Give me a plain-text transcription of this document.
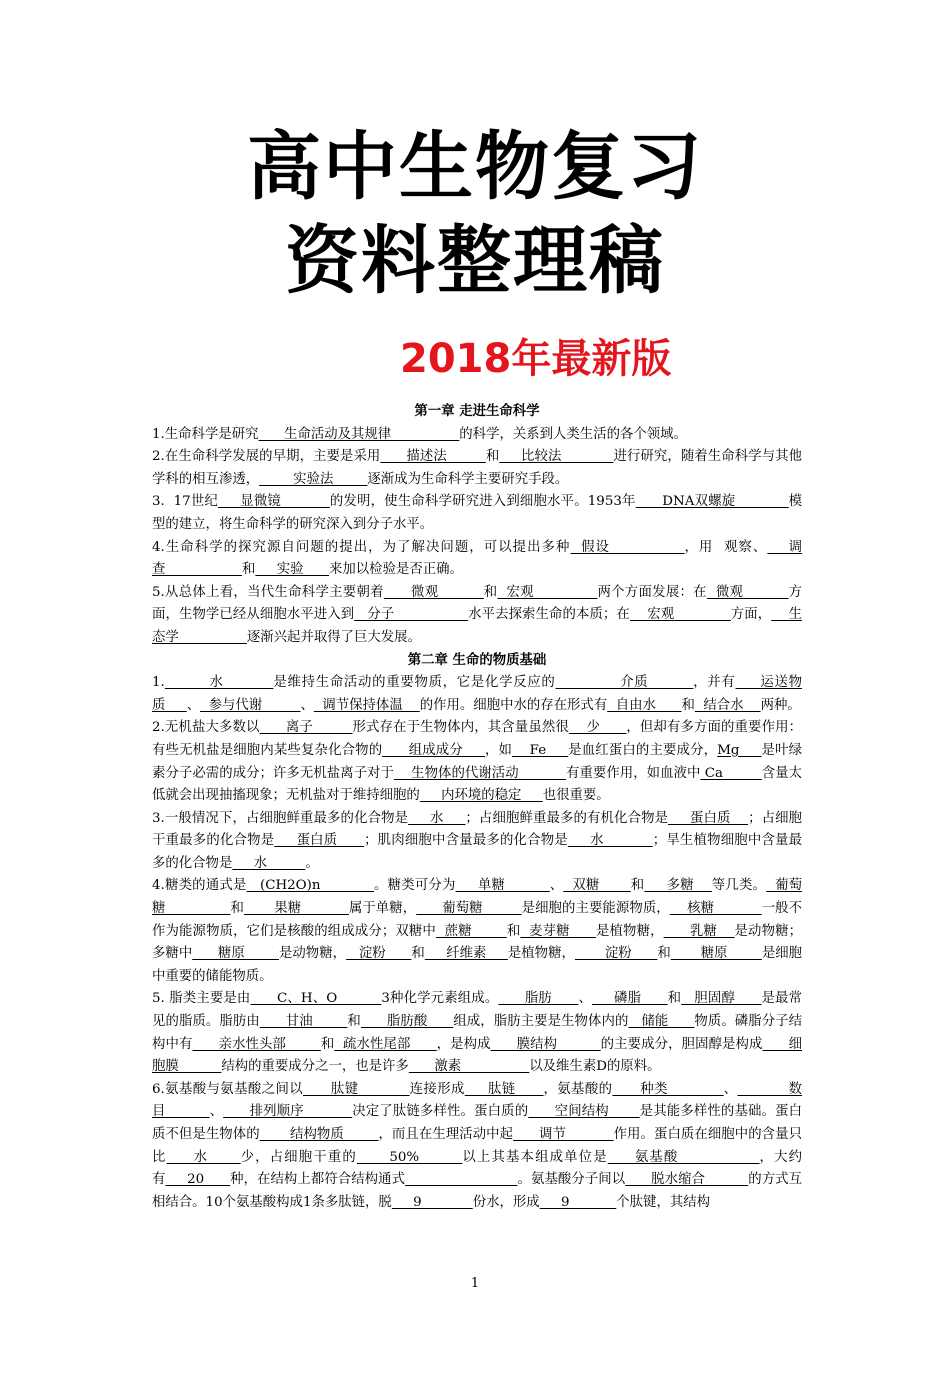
高中生物复习
资料整理稿
2018年最新版
第一章 走进生命科学

1.生命科学是研究      生命活动及其规律                的科学，关系到人类生活的各个领域。

2.在生命科学发展的早期，主要是采用      描述法         和     比较法            进行研究，随着生命科学与其他学科的相互渗透，        实验法        逐渐成为生命科学主要研究手段。

3.  17世纪     显微镜           的发明，使生命科学研究进入到细胞水平。1953年      DNA双螺旋            模型的建立，将生命科学的研究深入到分子水平。

4.生命科学的探究源自问题的提出，为了解决问题，可以提出多种  假设              ，用  观察、    调查                  和     实验      来加以检验是否正确。

5.从总体上看，当代生命科学主要朝着      微观          和  宏观              两个方面发展：在  微观          方面，生物学已经从细胞水平进入到   分子                 水平去探索生命的本质；在    宏观             方面，    生态学                逐渐兴起并取得了巨大发展。

第二章 生命的物质基础

1.         水          是维持生命活动的重要物质，它是化学反应的             介质         ，并有     运送物质     、  参与代谢         、  调节保持体温    的作用。细胞中水的存在形式有  自由水      和  结合水    两种。

2.无机盐大多数以      离子         形式存在于生物体内，其含量虽然很    少      ，但却有多方面的重要作用：有些无机盐是细胞内某些复杂化合物的      组成成分     ，如    Fe     是血红蛋白的主要成分，Mg     是叶绿素分子必需的成分；许多无机盐离子对于    生物体的代谢活动           有重要作用，如血液中 Ca         含量太低就会出现抽搐现象；无机盐对于维持细胞的     内环境的稳定     也很重要。

3.一般情况下，占细胞鲜重最多的化合物是     水     ；占细胞鲜重最多的有机化合物是     蛋白质    ；占细胞干重最多的化合物是     蛋白质      ；肌肉细胞中含量最多的化合物是     水           ；旱生植物细胞中含量最多的化合物是     水         。

4.糖类的通式是   (CH2O)n            。糖类可分为     单糖          、  双糖       和     多糖    等几类。  葡萄糖               和       果糖           属于单糖，      葡萄糖         是细胞的主要能源物质，    核糖           一般不作为能源物质，它们是核酸的组成成分；双糖中  蔗糖        和  麦芽糖      是植物糖，      乳糖    是动物糖；多糖中      糖原        是动物糖，   淀粉      和     纤维素     是植物糖，       淀粉      和       糖原        是细胞中重要的储能物质。

5. 脂类主要是由      C、H、O          3种化学元素组成。      脂肪      、     磷脂      和   胆固醇      是最常见的脂质。脂肪由      甘油        和      脂肪酸      组成，脂肪主要是生物体内的   储能      物质。磷脂分子结构中有      亲水性头部        和  疏水性尾部      ，是构成      膜结构          的主要成分，胆固醇是构成      细胞膜          结构的重要成分之一，也是许多      激素                以及维生素D的原料。

6.氨基酸与氨基酸之间以      肽键           连接形成     肽链      ，氨基酸的      种类            、           数目          、      排列顺序           决定了肽链多样性。蛋白质的      空间结构       是其能多样性的基础。蛋白质不但是生物体的       结构物质        ，而且在生理活动中起      调节           作用。蛋白质在细胞中的含量只比     水      少，占细胞干重的      50%        以上其基本组成单位是     氨基酸               ，大约有     20      种，在结构上都符合结构通式	。氨基酸分子间以      脱水缩合          的方式互相结合。10个氨基酸构成1条多肽链，脱     9            份水，形成     9           个肽键，其结构

1
